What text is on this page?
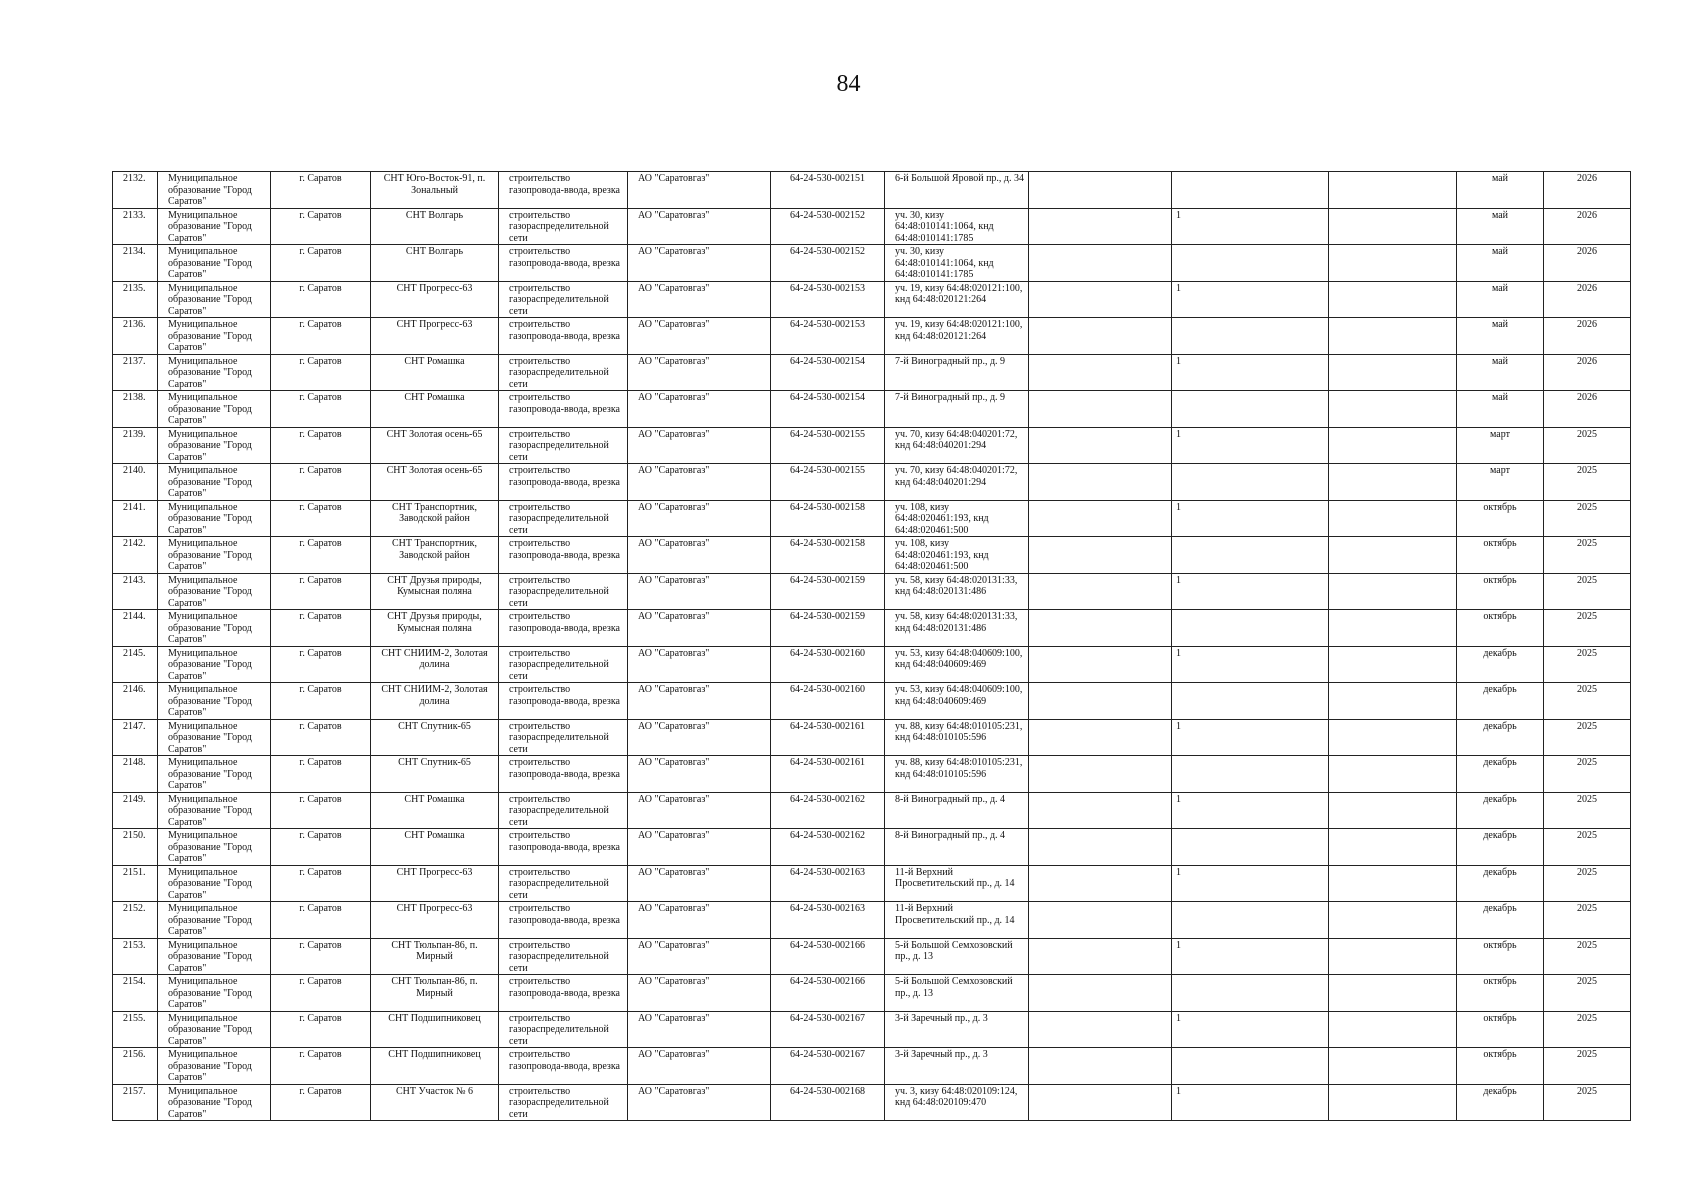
84
2132.	Муниципальное образование "Город Саратов"	г. Саратов	СНТ Юго-Восток-91, п. Зональный	строительство газопровода-ввода, врезка	АО "Саратовгаз"	64-24-530-002151	6-й Большой Яровой пр., д. 34				май	2026
2133.	Муниципальное образование "Город Саратов"	г. Саратов	СНТ Волгарь	строительство газораспределительной сети	АО "Саратовгаз"	64-24-530-002152	уч. 30, кизу 64:48:010141:1064, кнд 64:48:010141:1785		1		май	2026
2134.	Муниципальное образование "Город Саратов"	г. Саратов	СНТ Волгарь	строительство газопровода-ввода, врезка	АО "Саратовгаз"	64-24-530-002152	уч. 30, кизу 64:48:010141:1064, кнд 64:48:010141:1785				май	2026
2135.	Муниципальное образование "Город Саратов"	г. Саратов	СНТ Прогресс-63	строительство газораспределительной сети	АО "Саратовгаз"	64-24-530-002153	уч. 19, кизу 64:48:020121:100, кнд 64:48:020121:264		1		май	2026
2136.	Муниципальное образование "Город Саратов"	г. Саратов	СНТ Прогресс-63	строительство газопровода-ввода, врезка	АО "Саратовгаз"	64-24-530-002153	уч. 19, кизу 64:48:020121:100, кнд 64:48:020121:264				май	2026
2137.	Муниципальное образование "Город Саратов"	г. Саратов	СНТ Ромашка	строительство газораспределительной сети	АО "Саратовгаз"	64-24-530-002154	7-й Виноградный пр., д. 9		1		май	2026
2138.	Муниципальное образование "Город Саратов"	г. Саратов	СНТ Ромашка	строительство газопровода-ввода, врезка	АО "Саратовгаз"	64-24-530-002154	7-й Виноградный пр., д. 9				май	2026
2139.	Муниципальное образование "Город Саратов"	г. Саратов	СНТ Золотая осень-65	строительство газораспределительной сети	АО "Саратовгаз"	64-24-530-002155	уч. 70, кизу 64:48:040201:72, кнд 64:48:040201:294		1		март	2025
2140.	Муниципальное образование "Город Саратов"	г. Саратов	СНТ Золотая осень-65	строительство газопровода-ввода, врезка	АО "Саратовгаз"	64-24-530-002155	уч. 70, кизу 64:48:040201:72, кнд 64:48:040201:294				март	2025
2141.	Муниципальное образование "Город Саратов"	г. Саратов	СНТ Транспортник, Заводской район	строительство газораспределительной сети	АО "Саратовгаз"	64-24-530-002158	уч. 108, кизу 64:48:020461:193, кнд 64:48:020461:500		1		октябрь	2025
2142.	Муниципальное образование "Город Саратов"	г. Саратов	СНТ Транспортник, Заводской район	строительство газопровода-ввода, врезка	АО "Саратовгаз"	64-24-530-002158	уч. 108, кизу 64:48:020461:193, кнд 64:48:020461:500				октябрь	2025
2143.	Муниципальное образование "Город Саратов"	г. Саратов	СНТ Друзья природы, Кумысная поляна	строительство газораспределительной сети	АО "Саратовгаз"	64-24-530-002159	уч. 58, кизу 64:48:020131:33, кнд 64:48:020131:486		1		октябрь	2025
2144.	Муниципальное образование "Город Саратов"	г. Саратов	СНТ Друзья природы, Кумысная поляна	строительство газопровода-ввода, врезка	АО "Саратовгаз"	64-24-530-002159	уч. 58, кизу 64:48:020131:33, кнд 64:48:020131:486				октябрь	2025
2145.	Муниципальное образование "Город Саратов"	г. Саратов	СНТ СНИИМ-2, Золотая долина	строительство газораспределительной сети	АО "Саратовгаз"	64-24-530-002160	уч. 53, кизу 64:48:040609:100, кнд 64:48:040609:469		1		декабрь	2025
2146.	Муниципальное образование "Город Саратов"	г. Саратов	СНТ СНИИМ-2, Золотая долина	строительство газопровода-ввода, врезка	АО "Саратовгаз"	64-24-530-002160	уч. 53, кизу 64:48:040609:100, кнд 64:48:040609:469				декабрь	2025
2147.	Муниципальное образование "Город Саратов"	г. Саратов	СНТ Спутник-65	строительство газораспределительной сети	АО "Саратовгаз"	64-24-530-002161	уч. 88, кизу 64:48:010105:231, кнд 64:48:010105:596		1		декабрь	2025
2148.	Муниципальное образование "Город Саратов"	г. Саратов	СНТ Спутник-65	строительство газопровода-ввода, врезка	АО "Саратовгаз"	64-24-530-002161	уч. 88, кизу 64:48:010105:231, кнд 64:48:010105:596				декабрь	2025
2149.	Муниципальное образование "Город Саратов"	г. Саратов	СНТ Ромашка	строительство газораспределительной сети	АО "Саратовгаз"	64-24-530-002162	8-й Виноградный пр., д. 4		1		декабрь	2025
2150.	Муниципальное образование "Город Саратов"	г. Саратов	СНТ Ромашка	строительство газопровода-ввода, врезка	АО "Саратовгаз"	64-24-530-002162	8-й Виноградный пр., д. 4				декабрь	2025
2151.	Муниципальное образование "Город Саратов"	г. Саратов	СНТ Прогресс-63	строительство газораспределительной сети	АО "Саратовгаз"	64-24-530-002163	11-й Верхний Просветительский пр., д. 14		1		декабрь	2025
2152.	Муниципальное образование "Город Саратов"	г. Саратов	СНТ Прогресс-63	строительство газопровода-ввода, врезка	АО "Саратовгаз"	64-24-530-002163	11-й Верхний Просветительский пр., д. 14				декабрь	2025
2153.	Муниципальное образование "Город Саратов"	г. Саратов	СНТ Тюльпан-86, п. Мирный	строительство газораспределительной сети	АО "Саратовгаз"	64-24-530-002166	5-й Большой Семхозовский пр., д. 13		1		октябрь	2025
2154.	Муниципальное образование "Город Саратов"	г. Саратов	СНТ Тюльпан-86, п. Мирный	строительство газопровода-ввода, врезка	АО "Саратовгаз"	64-24-530-002166	5-й Большой Семхозовский пр., д. 13				октябрь	2025
2155.	Муниципальное образование "Город Саратов"	г. Саратов	СНТ Подшипниковец	строительство газораспределительной сети	АО "Саратовгаз"	64-24-530-002167	3-й Заречный пр., д. 3		1		октябрь	2025
2156.	Муниципальное образование "Город Саратов"	г. Саратов	СНТ Подшипниковец	строительство газопровода-ввода, врезка	АО "Саратовгаз"	64-24-530-002167	3-й Заречный пр., д. 3				октябрь	2025
2157.	Муниципальное образование "Город Саратов"	г. Саратов	СНТ Участок № 6	строительство газораспределительной сети	АО "Саратовгаз"	64-24-530-002168	уч. 3, кизу 64:48:020109:124, кнд 64:48:020109:470		1		декабрь	2025
